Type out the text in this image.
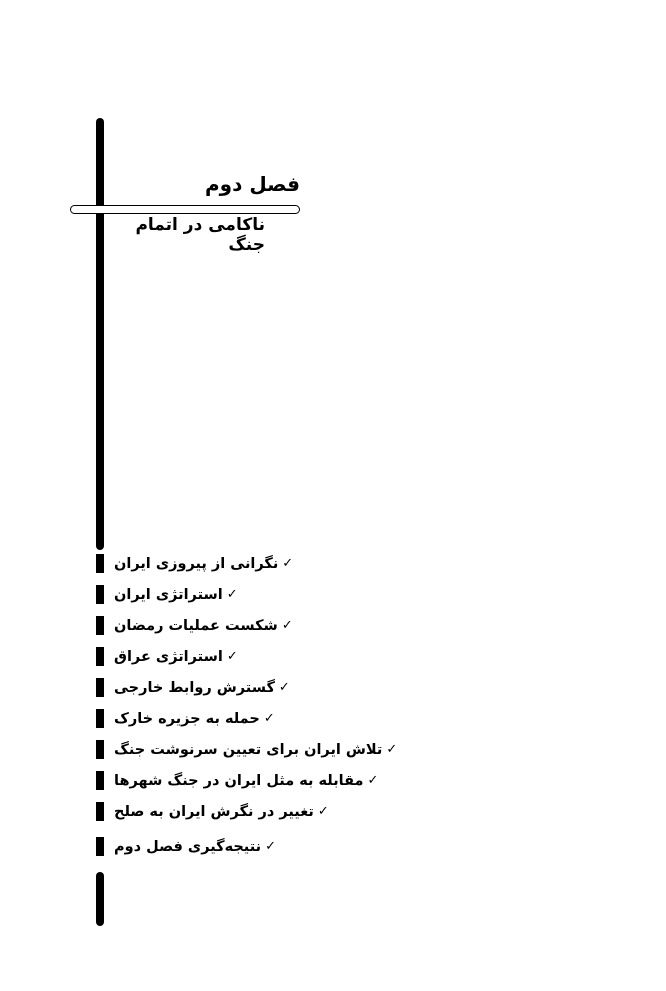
فصل دوم
ناکامی در اتمام جنگ
نگرانی از پیروزی ایران ✓
استراتژی ایران ✓
شکست عملیات رمضان ✓
استراتژی عراق ✓
گسترش روابط خارجی ✓
حمله به جزیره خارک ✓
تلاش ایران برای تعیین سرنوشت جنگ ✓
مقابله به مثل ایران در جنگ شهرها ✓
تغییر در نگرش ایران به صلح ✓
نتیجه‌گیری فصل دوم ✓
